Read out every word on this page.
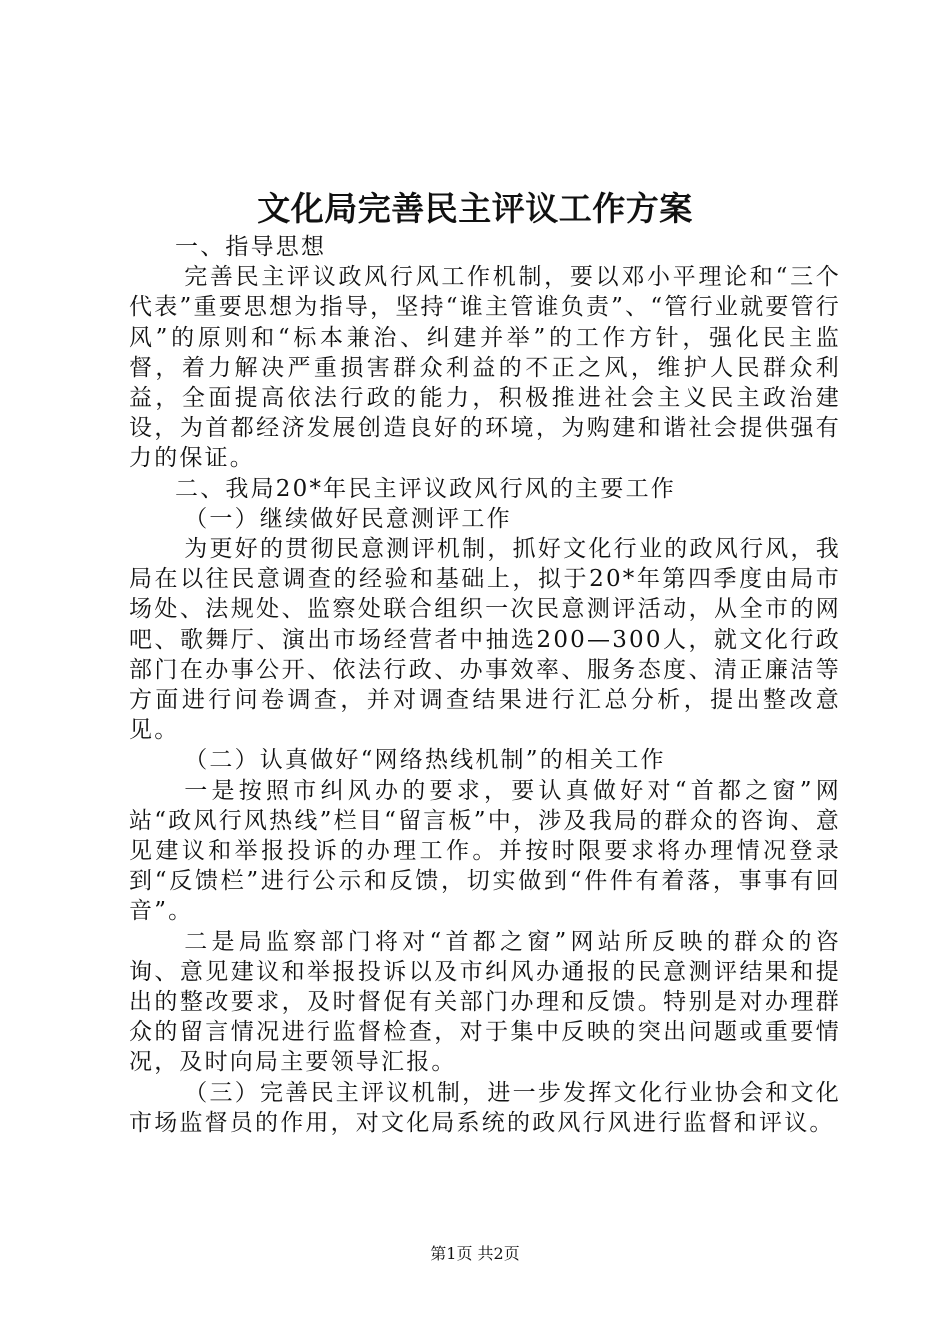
文化局完善民主评议工作方案

一、指导思想

完善民主评议政风行风工作机制，要以邓小平理论和“三个代表”重要思想为指导，坚持“谁主管谁负责”、“管行业就要管行风”的原则和“标本兼治、纠建并举”的工作方针，强化民主监督，着力解决严重损害群众利益的不正之风，维护人民群众利益，全面提高依法行政的能力，积极推进社会主义民主政治建设，为首都经济发展创造良好的环境，为购建和谐社会提供强有力的保证。

二、我局20*年民主评议政风行风的主要工作

（一）继续做好民意测评工作

为更好的贯彻民意测评机制，抓好文化行业的政风行风，我局在以往民意调查的经验和基础上，拟于20*年第四季度由局市场处、法规处、监察处联合组织一次民意测评活动，从全市的网吧、歌舞厅、演出市场经营者中抽选200—300人，就文化行政部门在办事公开、依法行政、办事效率、服务态度、清正廉洁等方面进行问卷调查，并对调查结果进行汇总分析，提出整改意见。

（二）认真做好“网络热线机制”的相关工作

一是按照市纠风办的要求，要认真做好对“首都之窗”网站“政风行风热线”栏目“留言板”中，涉及我局的群众的咨询、意见建议和举报投诉的办理工作。并按时限要求将办理情况登录到“反馈栏”进行公示和反馈，切实做到“件件有着落，事事有回音”。

二是局监察部门将对“首都之窗”网站所反映的群众的咨询、意见建议和举报投诉以及市纠风办通报的民意测评结果和提出的整改要求，及时督促有关部门办理和反馈。特别是对办理群众的留言情况进行监督检查，对于集中反映的突出问题或重要情况，及时向局主要领导汇报。

（三）完善民主评议机制，进一步发挥文化行业协会和文化市场监督员的作用，对文化局系统的政风行风进行监督和评议。

第1页 共2页
